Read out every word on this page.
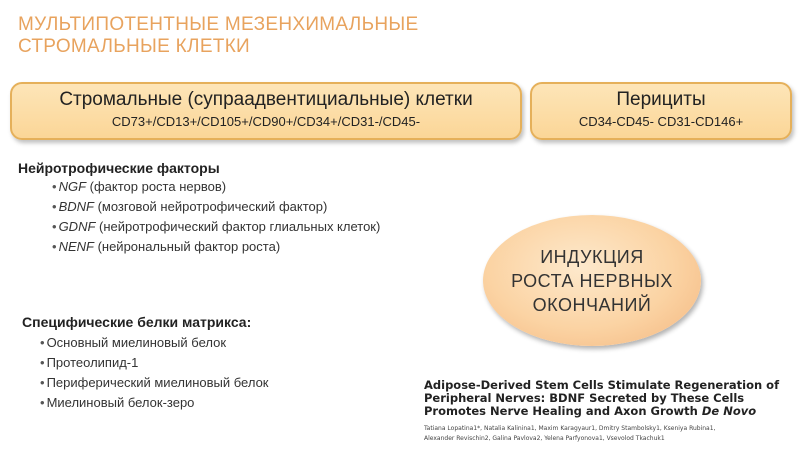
МУЛЬТИПОТЕНТНЫЕ МЕЗЕНХИМАЛЬНЫЕ
СТРОМАЛЬНЫЕ КЛЕТКИ
Стромальные (супраадвентициальные) клетки
CD73+/CD13+/CD105+/CD90+/CD34+/CD31-/CD45-
Перициты
CD34-CD45- CD31-CD146+
Нейротрофические факторы
• NGF (фактор роста нервов)
• BDNF (мозговой нейротрофический фактор)
• GDNF (нейротрофический фактор глиальных клеток)
• NENF (нейрональный фактор роста)
Специфические белки матрикса:
• Основный миелиновый белок
• Протеолипид-1
• Периферический миелиновый белок
• Миелиновый белок-зеро
ИНДУКЦИЯ
РОСТА НЕРВНЫХ
ОКОНЧАНИЙ
Adipose-Derived Stem Cells Stimulate Regeneration of
Peripheral Nerves: BDNF Secreted by These Cells
Promotes Nerve Healing and Axon Growth De Novo
Tatiana Lopatina1*, Natalia Kalinina1, Maxim Karagyaur1, Dmitry Stambolsky1, Kseniya Rubina1,
Alexander Revischin2, Galina Pavlova2, Yelena Parfyonova1, Vsevolod Tkachuk1
